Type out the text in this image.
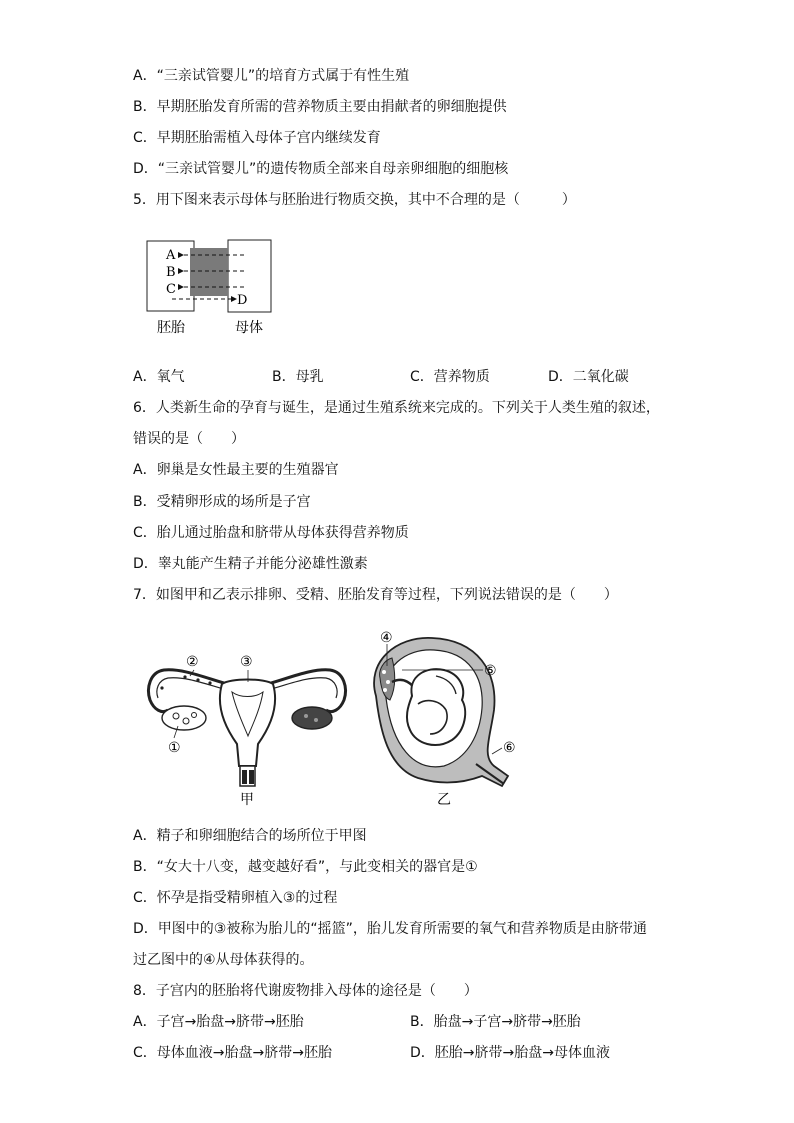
A．“三亲试管婴儿”的培育方式属于有性生殖
B．早期胚胎发育所需的营养物质主要由捐献者的卵细胞提供
C．早期胚胎需植入母体子宫内继续发育
D．“三亲试管婴儿”的遗传物质全部来自母亲卵细胞的细胞核
5．用下图来表示母体与胚胎进行物质交换，其中不合理的是（　　　）
A
B
C
D
胚胎	母体
A．氧气	B．母乳	C．营养物质	D．二氧化碳
6．人类新生命的孕育与诞生，是通过生殖系统来完成的。下列关于人类生殖的叙述，
错误的是（　　）
A．卵巢是女性最主要的生殖器官
B．受精卵形成的场所是子宫
C．胎儿通过胎盘和脐带从母体获得营养物质
D．睾丸能产生精子并能分泌雄性激素
7．如图甲和乙表示排卵、受精、胚胎发育等过程，下列说法错误的是（　　）
②	③
①
甲
④
⑤
⑥
乙
A．精子和卵细胞结合的场所位于甲图
B．“女大十八变，越变越好看”，与此变相关的器官是①
C．怀孕是指受精卵植入③的过程
D．甲图中的③被称为胎儿的“摇篮”，胎儿发育所需要的氧气和营养物质是由脐带通
过乙图中的④从母体获得的。
8．子宫内的胚胎将代谢废物排入母体的途径是（　　）
A．子宫→胎盘→脐带→胚胎	B．胎盘→子宫→脐带→胚胎
C．母体血液→胎盘→脐带→胚胎	D．胚胎→脐带→胎盘→母体血液
